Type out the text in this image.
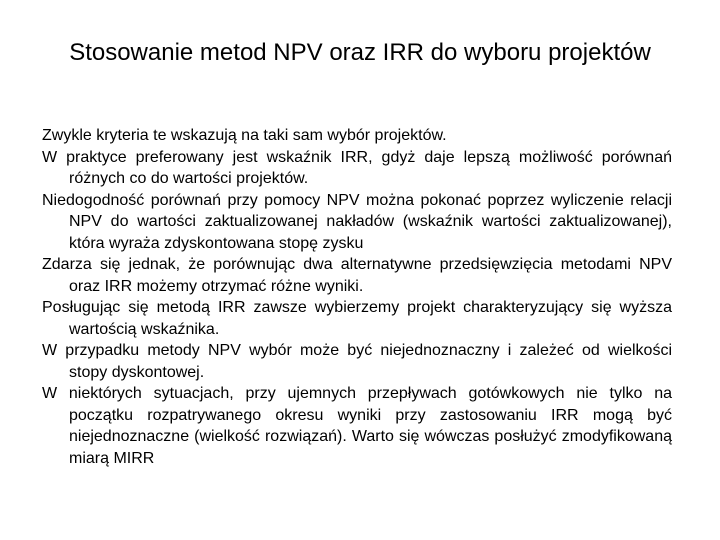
Stosowanie metod NPV oraz IRR do wyboru projektów
Zwykle kryteria te wskazują na taki sam wybór projektów.
W praktyce preferowany jest wskaźnik IRR, gdyż daje lepszą możliwość porównań różnych co do wartości projektów.
Niedogodność porównań przy pomocy NPV można pokonać poprzez wyliczenie relacji NPV do wartości zaktualizowanej nakładów (wskaźnik wartości zaktualizowanej), która wyraża zdyskontowana stopę zysku
Zdarza się jednak, że porównując dwa alternatywne przedsięwzięcia metodami NPV oraz IRR możemy otrzymać różne wyniki.
Posługując się metodą IRR zawsze wybierzemy projekt charakteryzujący się wyższa wartością wskaźnika.
W przypadku metody NPV wybór może być niejednoznaczny i zależeć od wielkości stopy dyskontowej.
W niektórych sytuacjach, przy ujemnych przepływach gotówkowych nie tylko na początku rozpatrywanego okresu wyniki przy zastosowaniu IRR mogą być niejednoznaczne (wielkość rozwiązań). Warto się wówczas posłużyć zmodyfikowaną miarą MIRR
